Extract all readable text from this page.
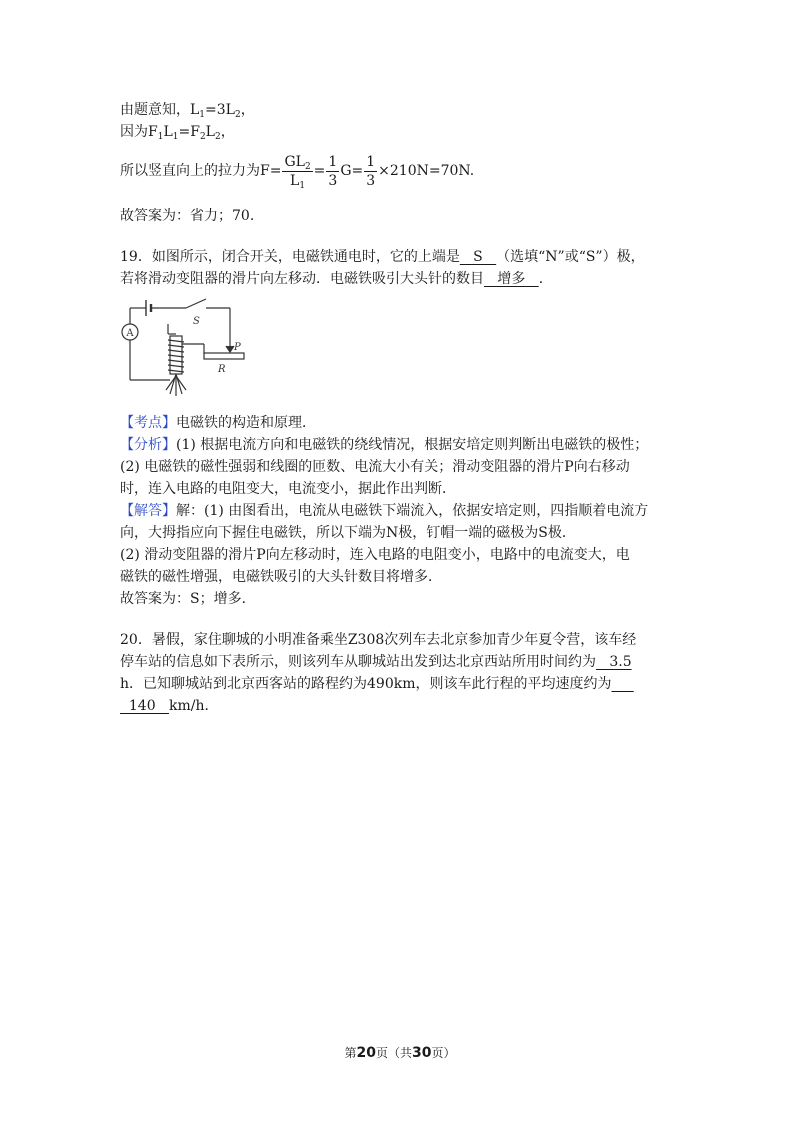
由题意知，$L_1=3L_2$，
因为$F_1L_1=F_2L_2$，
所以竖直向上的拉力为$F= \frac{GL_2}{L_1} = \frac{1}{3} G= \frac{1}{3} \times 210N=70N$.
故答案为：省力；70.
19．如图所示，闭合开关，电磁铁通电时，它的上端是   S   （选填“N”或“S”）极，
若将滑动变阻器的滑片向左移动．电磁铁吸引大头针的数目   增多   ．
A
S
P
R
【考点】电磁铁的构造和原理．
【分析】(1) 根据电流方向和电磁铁的绕线情况，根据安培定则判断出电磁铁的极性；
(2) 电磁铁的磁性强弱和线圈的匝数、电流大小有关；滑动变阻器的滑片P向右移动
时，连入电路的电阻变大，电流变小，据此作出判断．
【解答】解：(1) 由图看出，电流从电磁铁下端流入，依据安培定则，四指顺着电流方
向，大拇指应向下握住电磁铁，所以下端为N极，钉帽一端的磁极为S极．
(2) 滑动变阻器的滑片P向左移动时，连入电路的电阻变小，电路中的电流变大，电
磁铁的磁性增强，电磁铁吸引的大头针数目将增多．
故答案为：S；增多．
20．暑假，家住聊城的小明准备乘坐Z308次列车去北京参加青少年夏令营，该车经
停车站的信息如下表所示，则该列车从聊城站出发到达北京西站所用时间约为   3.5
h．已知聊城站到北京西客站的路程约为490km，则该车此行程的平均速度约为
140   km/h．
第20页（共30页）
